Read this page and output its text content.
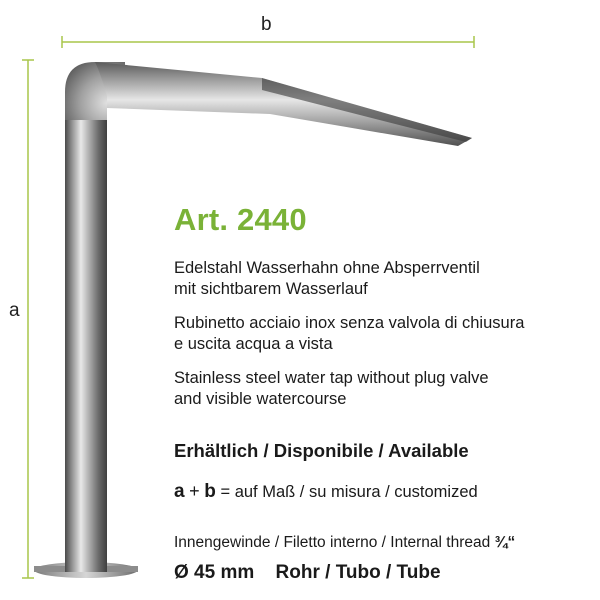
b
a
Art. 2440
Edelstahl Wasserhahn ohne Absperrventil
mit sichtbarem Wasserlauf
Rubinetto acciaio inox senza valvola di chiusura
e uscita acqua a vista
Stainless steel water tap without plug valve
and visible watercourse
Erhältlich / Disponibile / Available
a + b = auf Maß / su misura / customized
Innengewinde / Filetto interno / Internal thread ¾“
Ø 45 mm Rohr / Tubo / Tube
